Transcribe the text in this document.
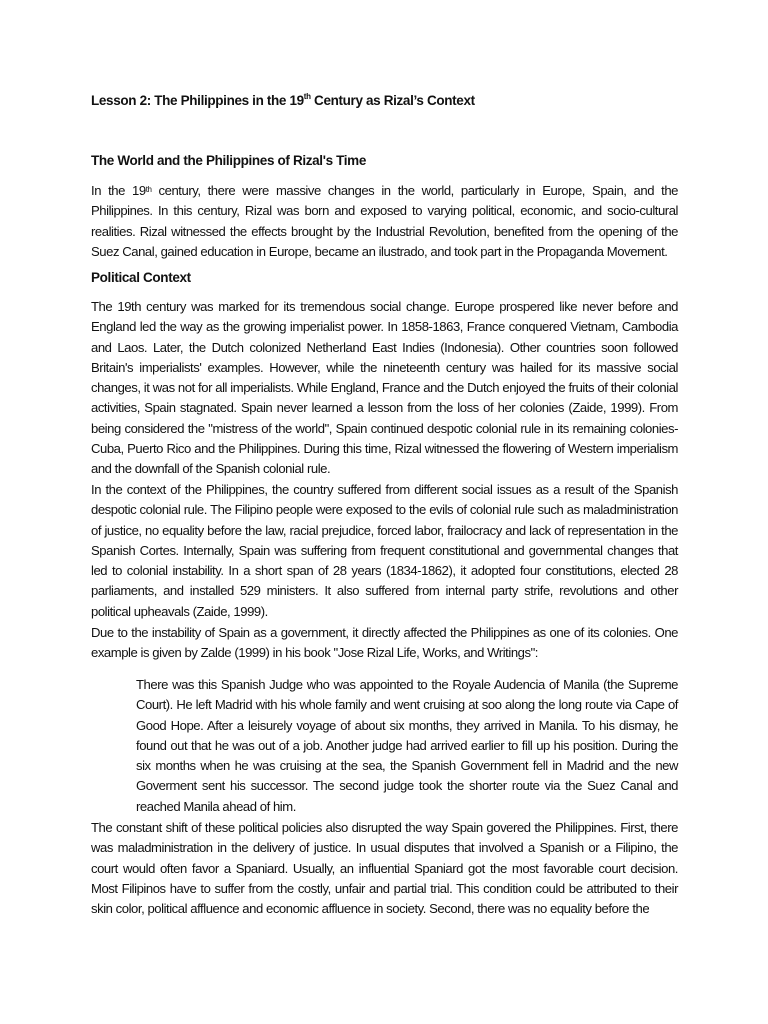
Lesson 2: The Philippines in the 19th Century as Rizal’s Context
The World and the Philippines of Rizal's Time

In the 19th century, there were massive changes in the world, particularly in Europe, Spain, and the Philippines. In this century, Rizal was born and exposed to varying political, economic, and socio-cultural realities. Rizal witnessed the effects brought by the Industrial Revolution, benefited from the opening of the Suez Canal, gained education in Europe, became an ilustrado, and took part in the Propaganda Movement.

Political Context

The 19th century was marked for its tremendous social change. Europe prospered like never before and England led the way as the growing imperialist power. In 1858-1863, France conquered Vietnam, Cambodia and Laos. Later, the Dutch colonized Netherland East Indies (Indonesia). Other countries soon followed Britain's imperialists' examples. However, while the nineteenth century was hailed for its massive social changes, it was not for all imperialists. While England, France and the Dutch enjoyed the fruits of their colonial activities, Spain stagnated. Spain never learned a lesson from the loss of her colonies (Zaide, 1999). From being considered the "mistress of the world", Spain continued despotic colonial rule in its remaining colonies-Cuba, Puerto Rico and the Philippines. During this time, Rizal witnessed the flowering of Western imperialism and the downfall of the Spanish colonial rule.

In the context of the Philippines, the country suffered from different social issues as a result of the Spanish despotic colonial rule. The Filipino people were exposed to the evils of colonial rule such as maladministration of justice, no equality before the law, racial prejudice, forced labor, frailocracy and lack of representation in the Spanish Cortes. Internally, Spain was suffering from frequent constitutional and governmental changes that led to colonial instability. In a short span of 28 years (1834-1862), it adopted four constitutions, elected 28 parliaments, and installed 529 ministers. It also suffered from internal party strife, revolutions and other political upheavals (Zaide, 1999).

Due to the instability of Spain as a government, it directly affected the Philippines as one of its colonies. One example is given by Zalde (1999) in his book "Jose Rizal Life, Works, and Writings":

There was this Spanish Judge who was appointed to the Royale Audencia of Manila (the Supreme Court). He left Madrid with his whole family and went cruising at soo along the long route via Cape of Good Hope. After a leisurely voyage of about six months, they arrived in Manila. To his dismay, he found out that he was out of a job. Another judge had arrived earlier to fill up his position. During the six months when he was cruising at the sea, the Spanish Government fell in Madrid and the new Goverment sent his successor. The second judge took the shorter route via the Suez Canal and reached Manila ahead of him.

The constant shift of these political policies also disrupted the way Spain govered the Philippines. First, there was maladministration in the delivery of justice. In usual disputes that involved a Spanish or a Filipino, the court would often favor a Spaniard. Usually, an influential Spaniard got the most favorable court decision. Most Filipinos have to suffer from the costly, unfair and partial trial. This condition could be attributed to their skin color, political affluence and economic affluence in society. Second, there was no equality before the
